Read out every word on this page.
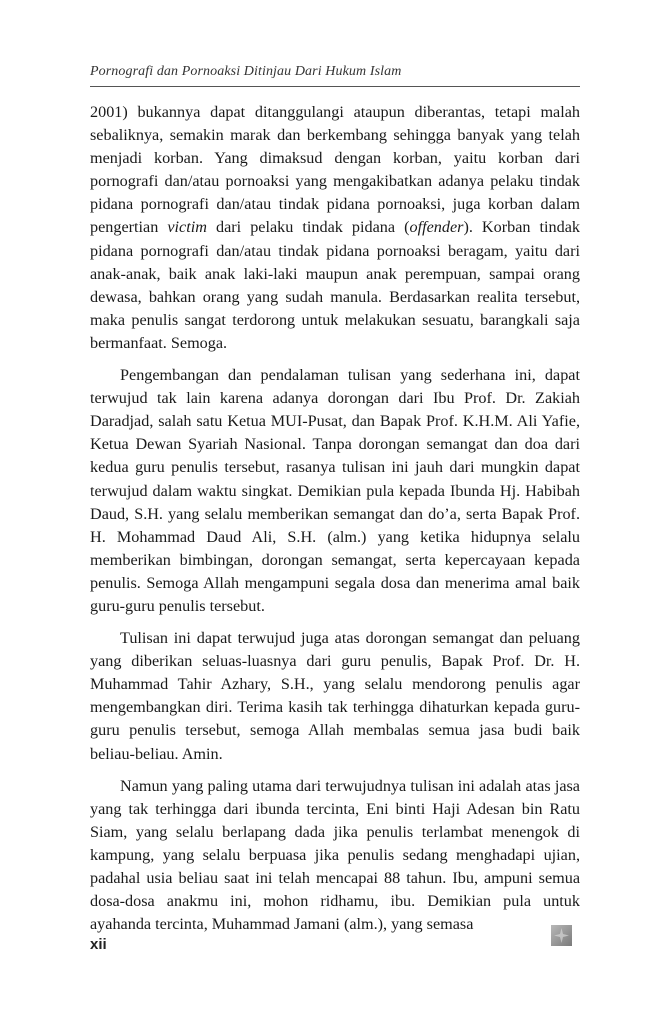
Pornografi dan Pornoaksi Ditinjau Dari Hukum Islam

2001) bukannya dapat ditanggulangi ataupun diberantas, tetapi malah sebaliknya, semakin marak dan berkembang sehingga banyak yang telah menjadi korban. Yang dimaksud dengan korban, yaitu korban dari pornografi dan/atau pornoaksi yang mengakibatkan adanya pelaku tindak pidana pornografi dan/atau tindak pidana pornoaksi, juga korban dalam pengertian victim dari pelaku tindak pidana (offender). Korban tindak pidana pornografi dan/atau tindak pidana pornoaksi beragam, yaitu dari anak-anak, baik anak laki-laki maupun anak perempuan, sampai orang dewasa, bahkan orang yang sudah manula. Berdasarkan realita tersebut, maka penulis sangat terdorong untuk melakukan sesuatu, barangkali saja bermanfaat. Semoga.

Pengembangan dan pendalaman tulisan yang sederhana ini, dapat terwujud tak lain karena adanya dorongan dari Ibu Prof. Dr. Zakiah Daradjad, salah satu Ketua MUI-Pusat, dan Bapak Prof. K.H.M. Ali Yafie, Ketua Dewan Syariah Nasional. Tanpa dorongan semangat dan doa dari kedua guru penulis tersebut, rasanya tulisan ini jauh dari mungkin dapat terwujud dalam waktu singkat. Demikian pula kepada Ibunda Hj. Habibah Daud, S.H. yang selalu memberikan semangat dan do’a, serta Bapak Prof. H. Mohammad Daud Ali, S.H. (alm.) yang ketika hidupnya selalu memberikan bimbingan, dorongan semangat, serta kepercayaan kepada penulis. Semoga Allah mengampuni segala dosa dan menerima amal baik guru-guru penulis tersebut.

Tulisan ini dapat terwujud juga atas dorongan semangat dan peluang yang diberikan seluas-luasnya dari guru penulis, Bapak Prof. Dr. H. Muhammad Tahir Azhary, S.H., yang selalu mendorong penulis agar mengembangkan diri. Terima kasih tak terhingga dihaturkan kepada guru-guru penulis tersebut, semoga Allah membalas semua jasa budi baik beliau-beliau. Amin.

Namun yang paling utama dari terwujudnya tulisan ini adalah atas jasa yang tak terhingga dari ibunda tercinta, Eni binti Haji Adesan bin Ratu Siam, yang selalu berlapang dada jika penulis terlambat menengok di kampung, yang selalu berpuasa jika penulis sedang menghadapi ujian, padahal usia beliau saat ini telah mencapai 88 tahun. Ibu, ampuni semua dosa-dosa anakmu ini, mohon ridhamu, ibu. Demikian pula untuk ayahanda tercinta, Muhammad Jamani (alm.), yang semasa

xii
